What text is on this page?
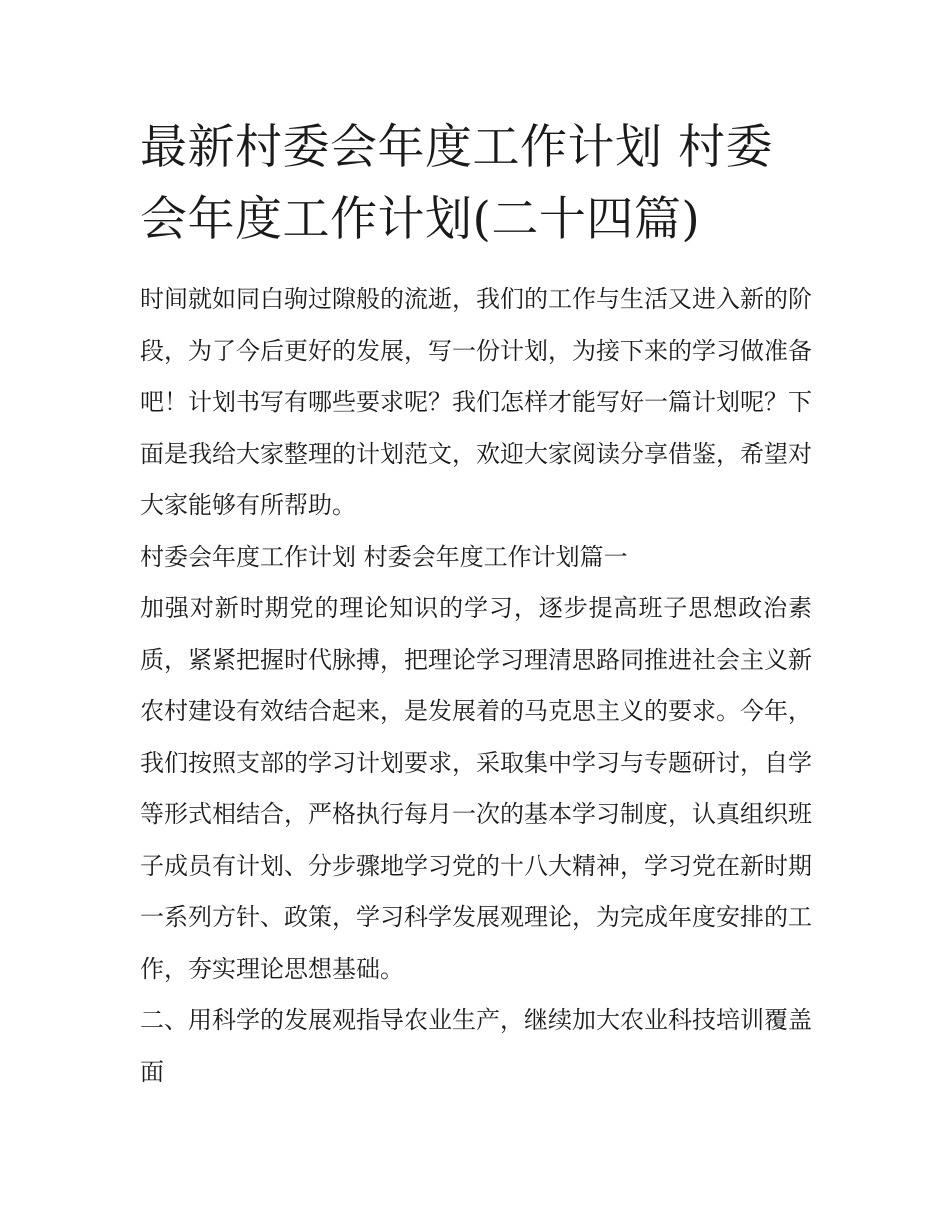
最新村委会年度工作计划 村委会年度工作计划(二十四篇)

时间就如同白驹过隙般的流逝，我们的工作与生活又进入新的阶段，为了今后更好的发展，写一份计划，为接下来的学习做准备吧！计划书写有哪些要求呢？我们怎样才能写好一篇计划呢？下面是我给大家整理的计划范文，欢迎大家阅读分享借鉴，希望对大家能够有所帮助。

村委会年度工作计划 村委会年度工作计划篇一

加强对新时期党的理论知识的学习，逐步提高班子思想政治素质，紧紧把握时代脉搏，把理论学习理清思路同推进社会主义新农村建设有效结合起来，是发展着的马克思主义的要求。今年，我们按照支部的学习计划要求，采取集中学习与专题研讨，自学等形式相结合，严格执行每月一次的基本学习制度，认真组织班子成员有计划、分步骤地学习党的十八大精神，学习党在新时期一系列方针、政策，学习科学发展观理论，为完成年度安排的工作，夯实理论思想基础。

二、用科学的发展观指导农业生产，继续加大农业科技培训覆盖面
